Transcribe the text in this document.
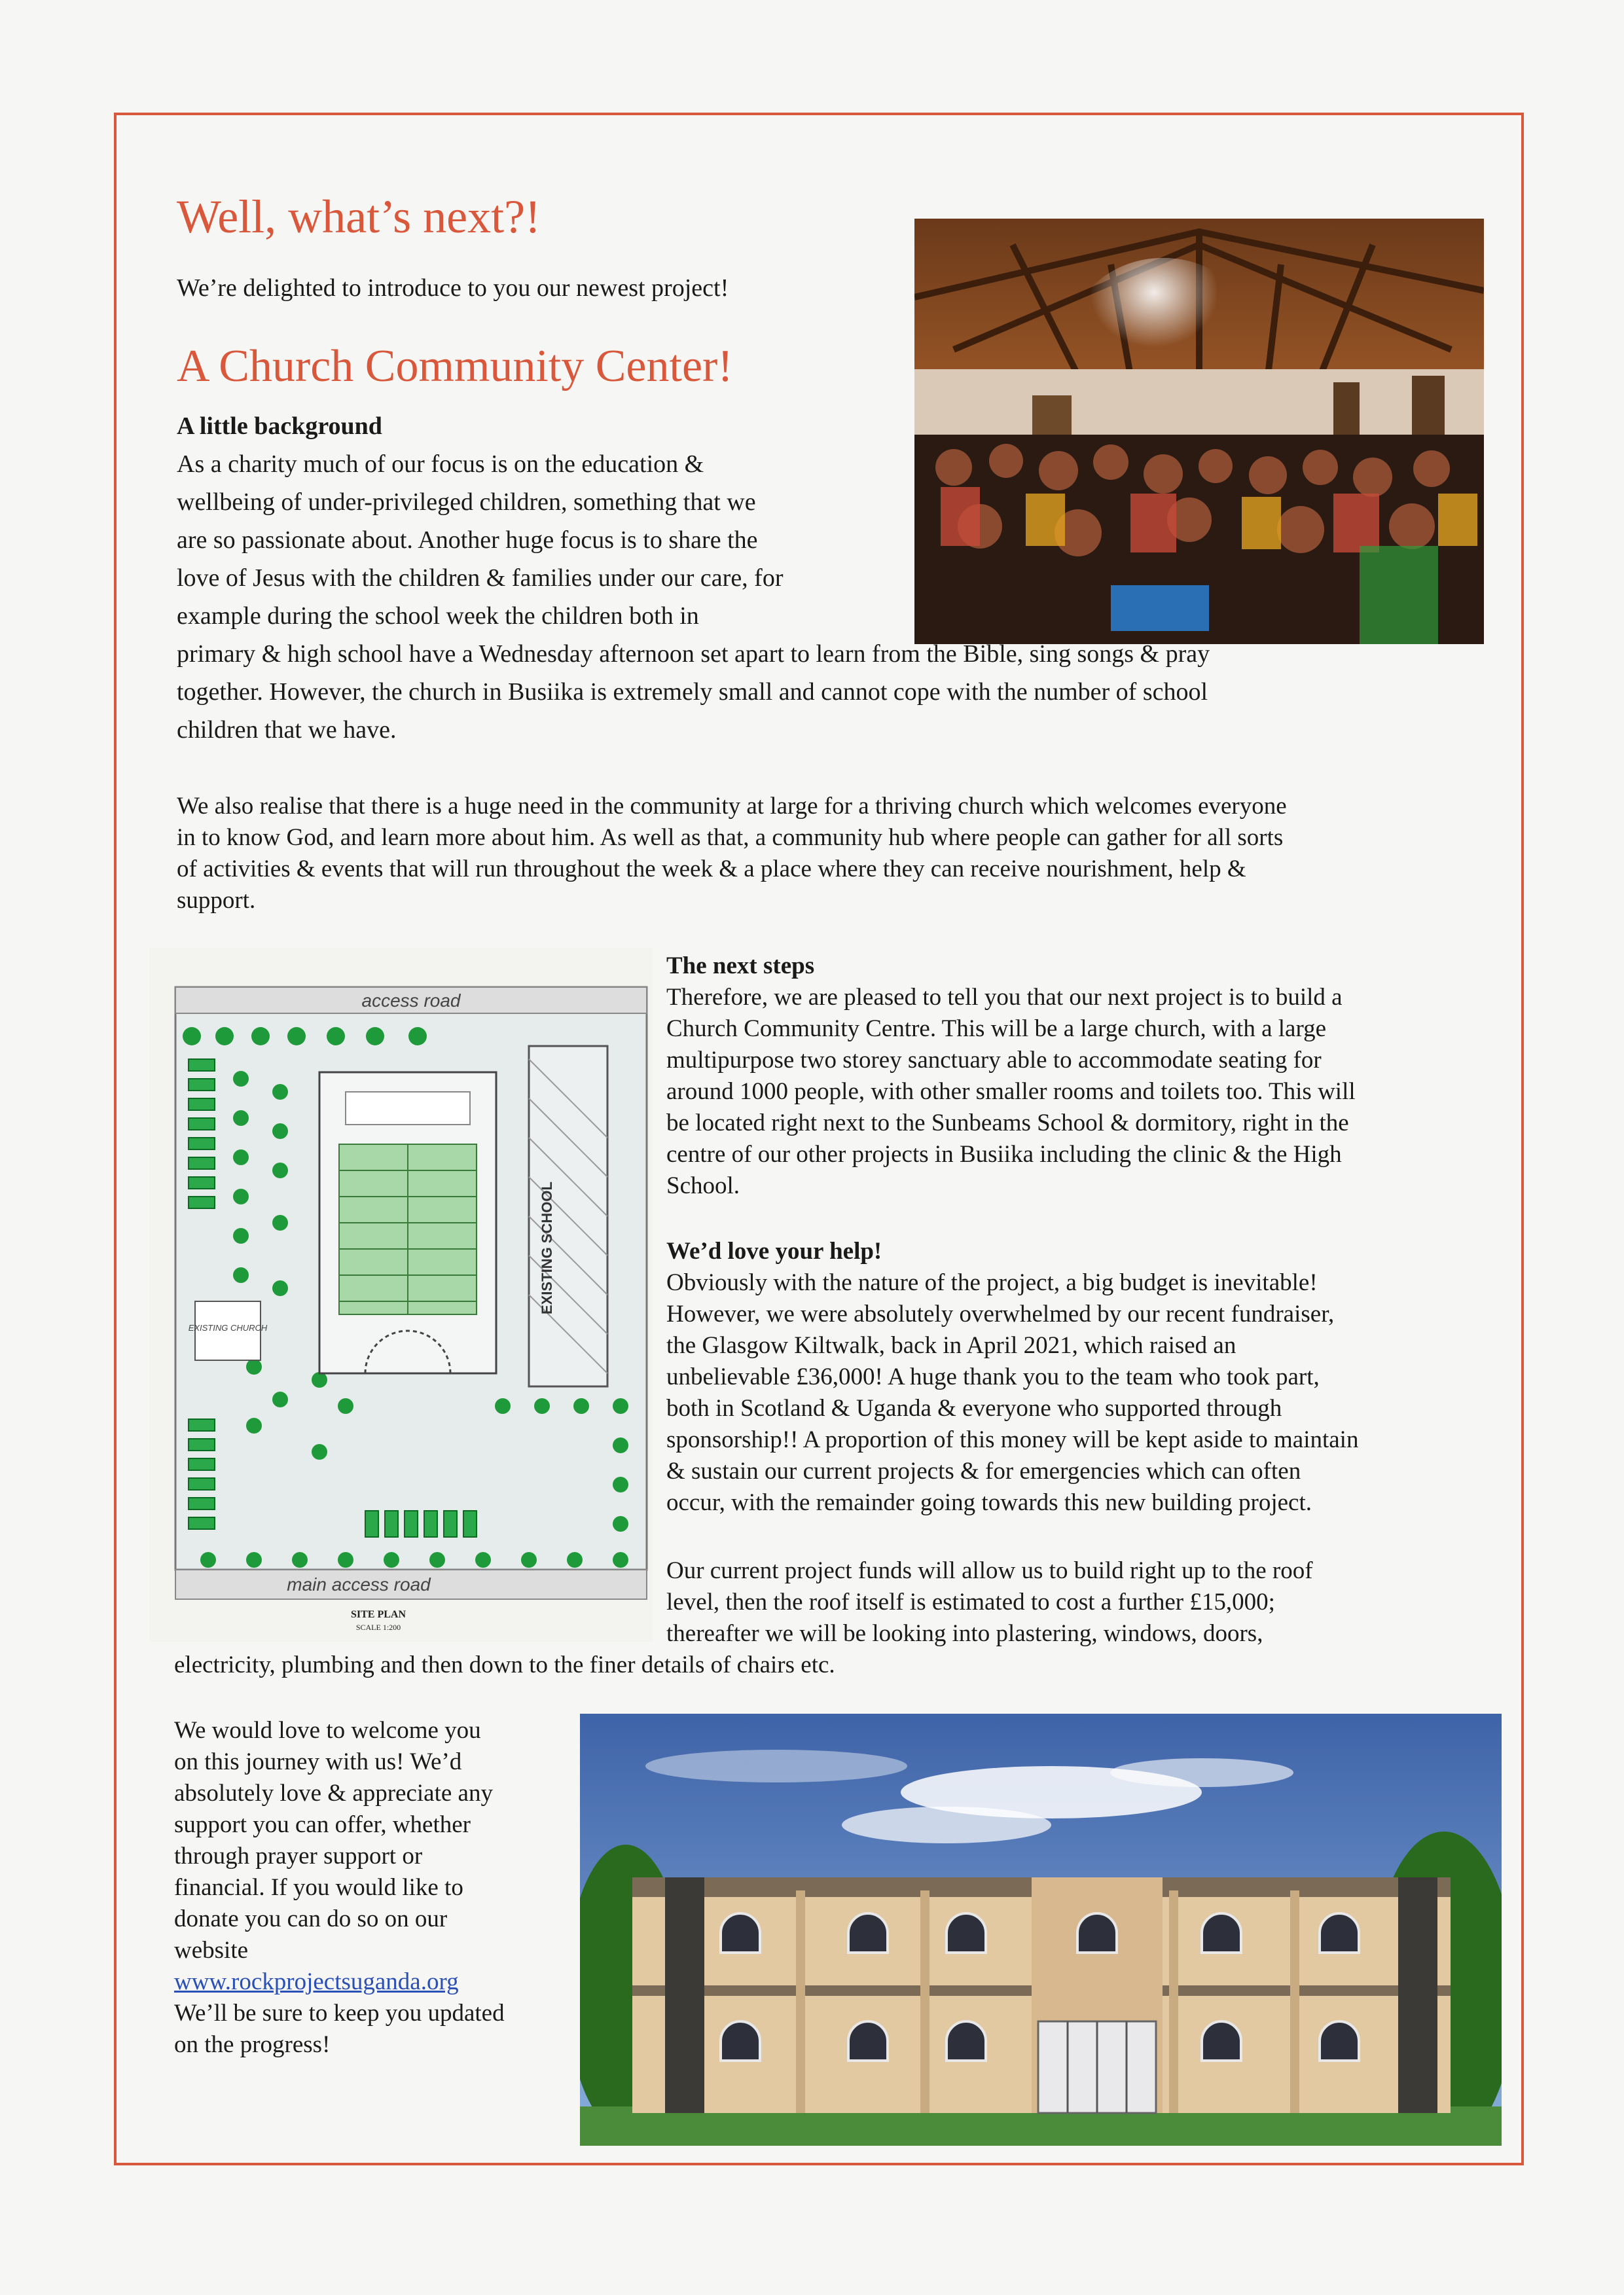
Well, what’s next?!

We’re delighted to introduce to you our newest project!

A Church Community Center!

A little background

As a charity much of our focus is on the education &

wellbeing of under-privileged children, something that we

are so passionate about. Another huge focus is to share the

love of Jesus with the children & families under our care, for

example during the school week the children both in

primary & high school have a Wednesday afternoon set apart to learn from the Bible, sing songs & pray

together. However, the church in Busiika is extremely small and cannot cope with the number of school

children that we have.

We also realise that there is a huge need in the community at large for a thriving church which welcomes everyone

in to know God, and learn more about him. As well as that, a community hub where people can gather for all sorts

of activities & events that will run throughout the week & a place where they can receive nourishment, help &

support.

access road
EXISTING SCHOOL
EXISTING CHURCH
main access road
SITE PLAN
SCALE 1:200

The next steps

Therefore, we are pleased to tell you that our next project is to build a

Church Community Centre. This will be a large church, with a large

multipurpose two storey sanctuary able to accommodate seating for

around 1000 people, with other smaller rooms and toilets too. This will

be located right next to the Sunbeams School & dormitory, right in the

centre of our other projects in Busiika including the clinic & the High

School.

We’d love your help!

Obviously with the nature of the project, a big budget is inevitable!

However, we were absolutely overwhelmed by our recent fundraiser,

the Glasgow Kiltwalk, back in April 2021, which raised an

unbelievable £36,000! A huge thank you to the team who took part,

both in Scotland & Uganda & everyone who supported through

sponsorship!! A proportion of this money will be kept aside to maintain

& sustain our current projects & for emergencies which can often

occur, with the remainder going towards this new building project.

Our current project funds will allow us to build right up to the roof

level, then the roof itself is estimated to cost a further £15,000;

thereafter we will be looking into plastering, windows, doors,

electricity, plumbing and then down to the finer details of chairs etc.

We would love to welcome you

on this journey with us! We’d

absolutely love & appreciate any

support you can offer, whether

through prayer support or

financial. If you would like to

donate you can do so on our

website

www.rockprojectsuganda.org

We’ll be sure to keep you updated

on the progress!
